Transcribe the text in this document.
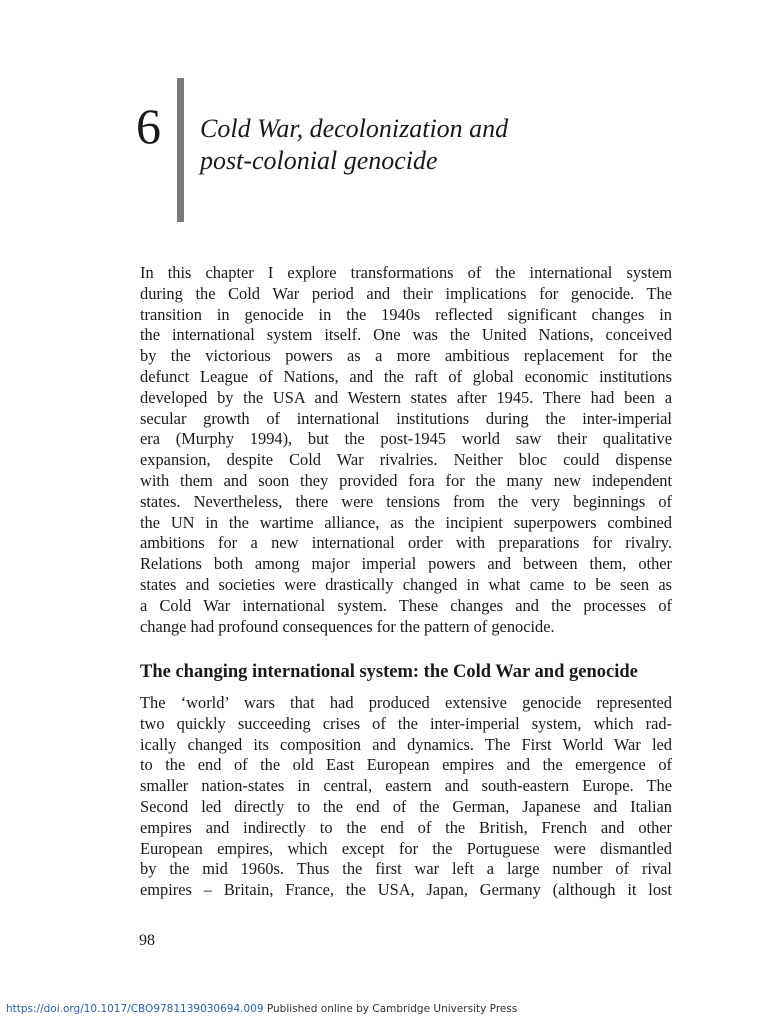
6 Cold War, decolonization and
post-colonial genocide
In this chapter I explore transformations of the international system
during the Cold War period and their implications for genocide. The
transition in genocide in the 1940s reflected significant changes in
the international system itself. One was the United Nations, conceived
by the victorious powers as a more ambitious replacement for the
defunct League of Nations, and the raft of global economic institutions
developed by the USA and Western states after 1945. There had been a
secular growth of international institutions during the inter-imperial
era (Murphy 1994), but the post-1945 world saw their qualitative
expansion, despite Cold War rivalries. Neither bloc could dispense
with them and soon they provided fora for the many new independent
states. Nevertheless, there were tensions from the very beginnings of
the UN in the wartime alliance, as the incipient superpowers combined
ambitions for a new international order with preparations for rivalry.
Relations both among major imperial powers and between them, other
states and societies were drastically changed in what came to be seen as
a Cold War international system. These changes and the processes of
change had profound consequences for the pattern of genocide.
The changing international system: the Cold War and genocide
The ‘world’ wars that had produced extensive genocide represented
two quickly succeeding crises of the inter-imperial system, which rad-
ically changed its composition and dynamics. The First World War led
to the end of the old East European empires and the emergence of
smaller nation-states in central, eastern and south-eastern Europe. The
Second led directly to the end of the German, Japanese and Italian
empires and indirectly to the end of the British, French and other
European empires, which except for the Portuguese were dismantled
by the mid 1960s. Thus the first war left a large number of rival
empires – Britain, France, the USA, Japan, Germany (although it lost
98
https://doi.org/10.1017/CBO9781139030694.009 Published online by Cambridge University Press
